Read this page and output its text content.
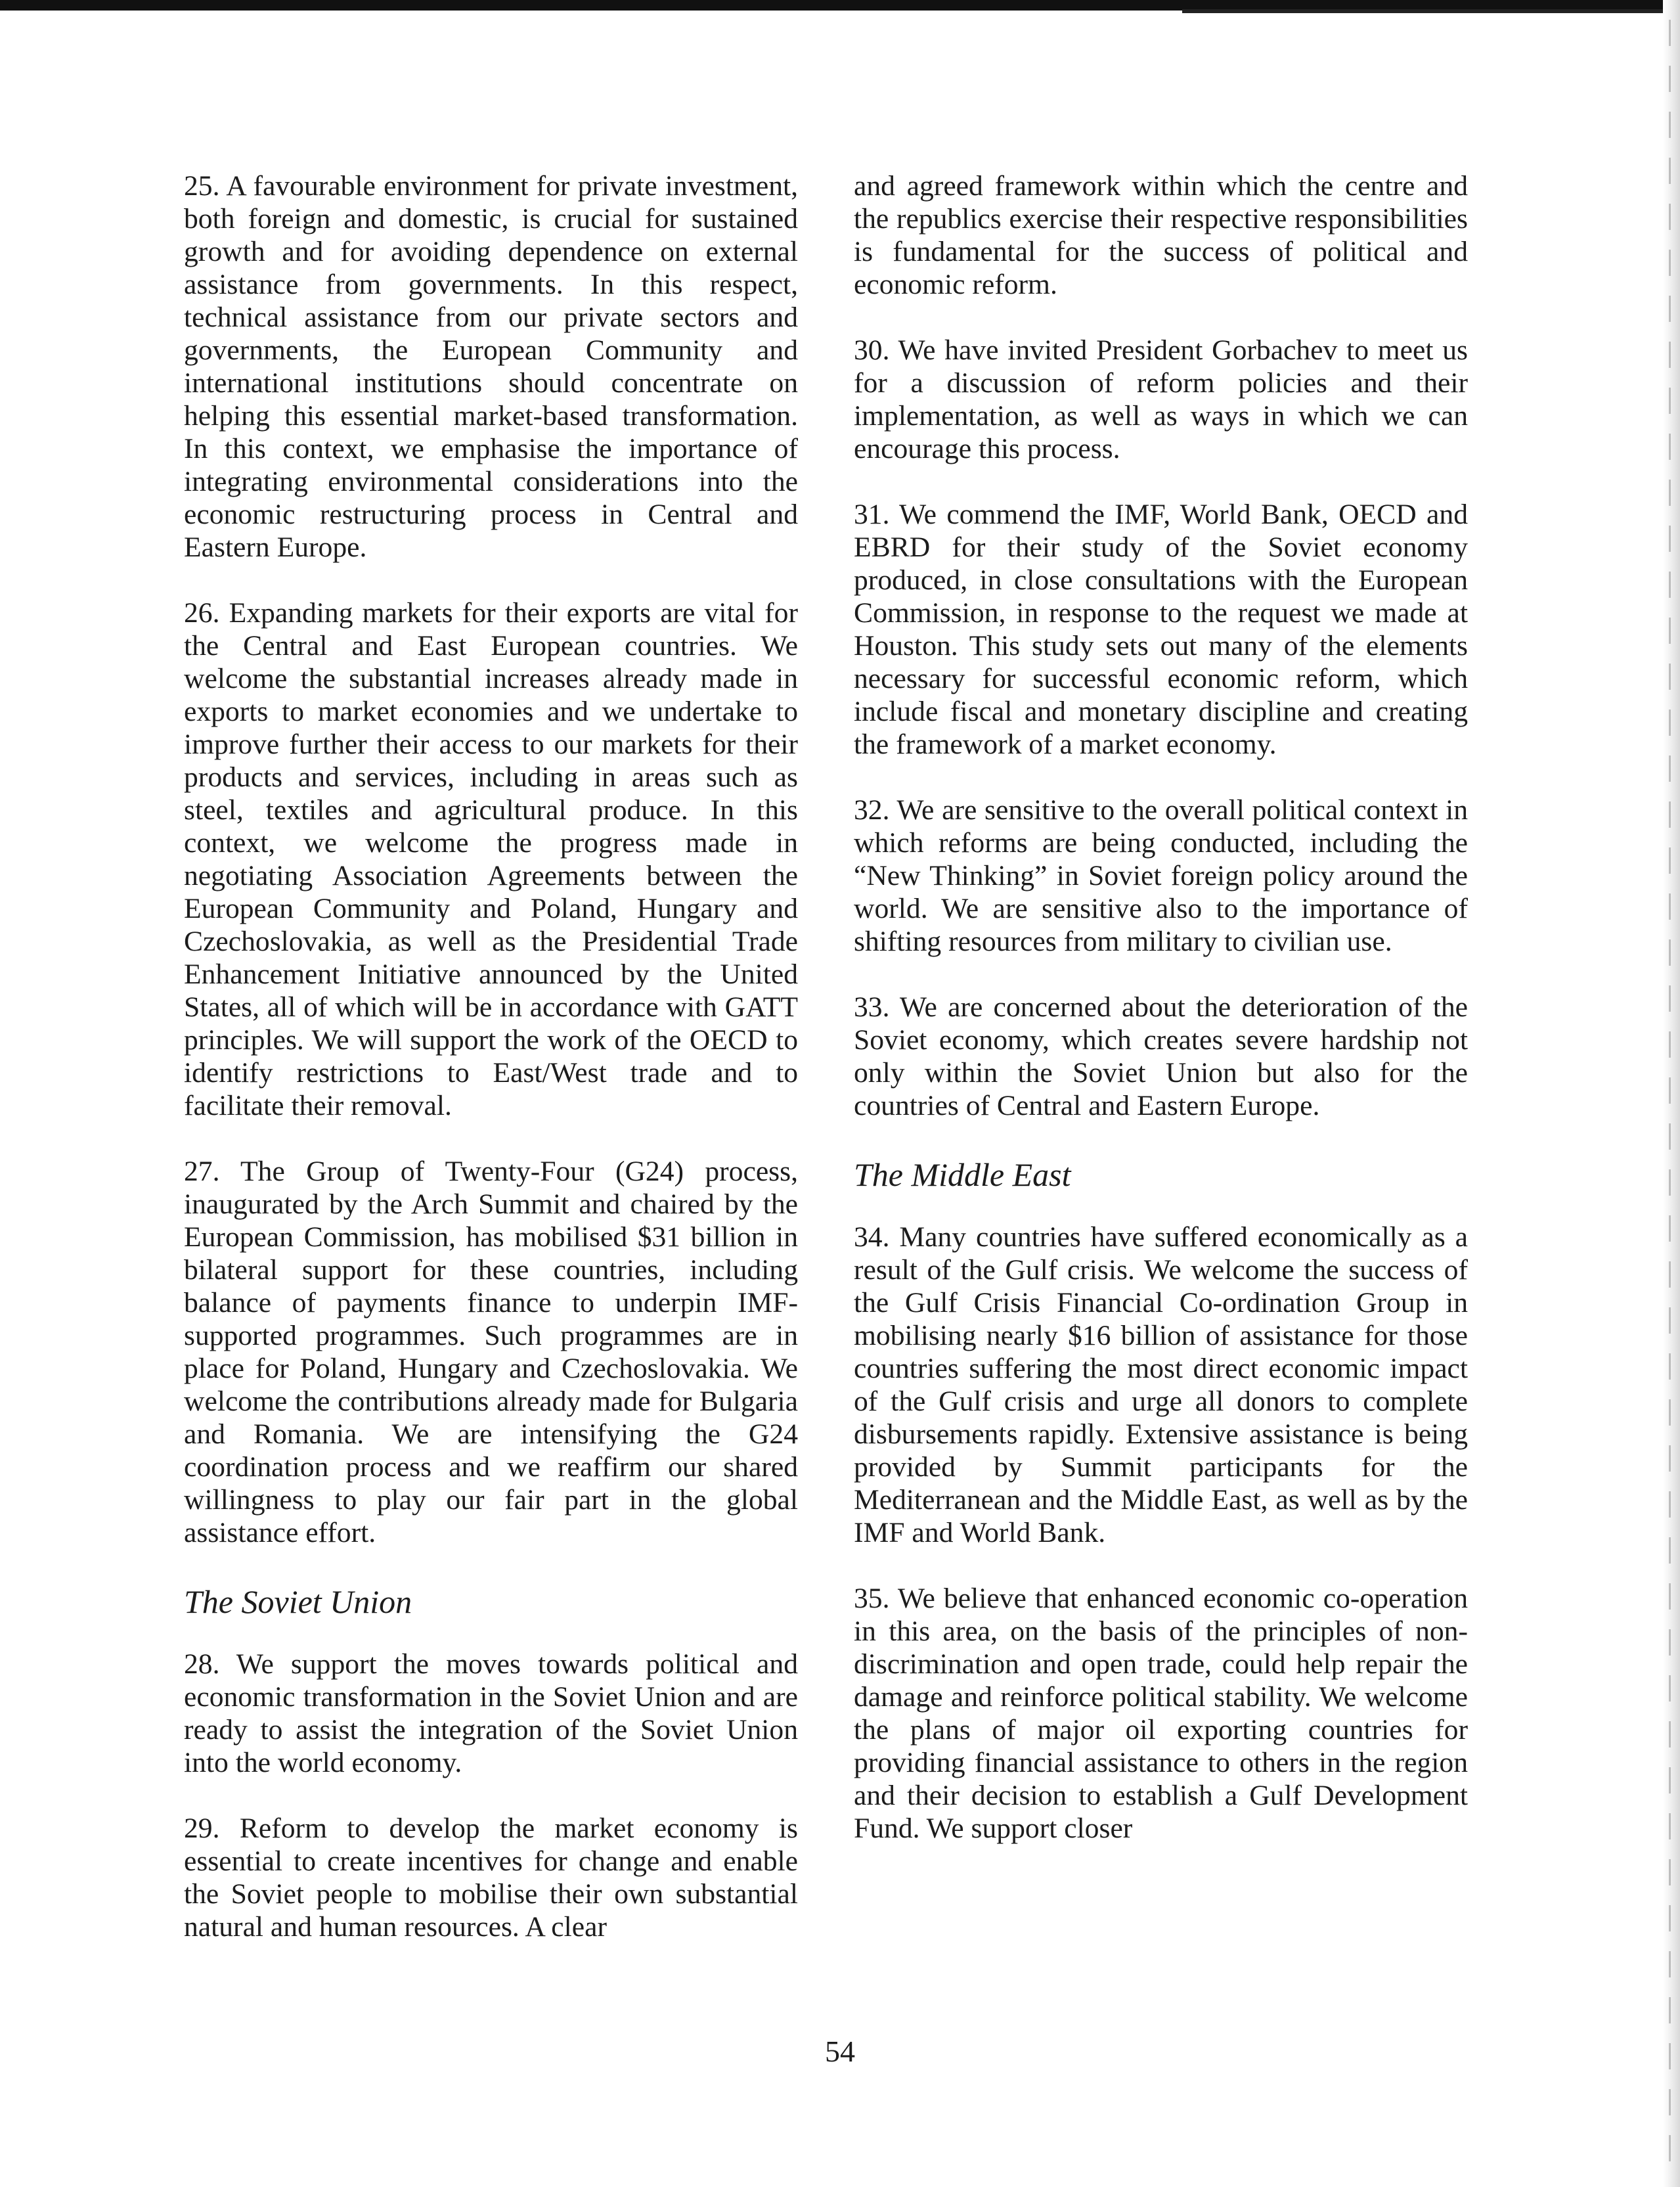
25. A favourable environment for private investment, both foreign and domestic, is crucial for sustained growth and for avoiding dependence on external assistance from governments. In this respect, technical assistance from our private sectors and governments, the European Community and international institutions should concentrate on helping this essential market-based transformation. In this context, we emphasise the importance of integrating environmental considerations into the economic restructuring process in Central and Eastern Europe.

26. Expanding markets for their exports are vital for the Central and East European countries. We welcome the substantial increases already made in exports to market economies and we undertake to improve further their access to our markets for their products and services, including in areas such as steel, textiles and agricultural produce. In this context, we welcome the progress made in negotiating Association Agreements between the European Community and Poland, Hungary and Czechoslovakia, as well as the Presidential Trade Enhancement Initiative announced by the United States, all of which will be in accordance with GATT principles. We will support the work of the OECD to identify restrictions to East/West trade and to facilitate their removal.

27. The Group of Twenty-Four (G24) process, inaugurated by the Arch Summit and chaired by the European Commission, has mobilised $31 billion in bilateral support for these countries, including balance of payments finance to underpin IMF-supported programmes. Such programmes are in place for Poland, Hungary and Czechoslovakia. We welcome the contributions already made for Bulgaria and Romania. We are intensifying the G24 coordination process and we reaffirm our shared willingness to play our fair part in the global assistance effort.

The Soviet Union

28. We support the moves towards political and economic transformation in the Soviet Union and are ready to assist the integration of the Soviet Union into the world economy.

29. Reform to develop the market economy is essential to create incentives for change and enable the Soviet people to mobilise their own substantial natural and human resources. A clear

and agreed framework within which the centre and the republics exercise their respective responsibilities is fundamental for the success of political and economic reform.

30. We have invited President Gorbachev to meet us for a discussion of reform policies and their implementation, as well as ways in which we can encourage this process.

31. We commend the IMF, World Bank, OECD and EBRD for their study of the Soviet economy produced, in close consultations with the European Commission, in response to the request we made at Houston. This study sets out many of the elements necessary for successful economic reform, which include fiscal and monetary discipline and creating the framework of a market economy.

32. We are sensitive to the overall political context in which reforms are being conducted, including the “New Thinking” in Soviet foreign policy around the world. We are sensitive also to the importance of shifting resources from military to civilian use.

33. We are concerned about the deterioration of the Soviet economy, which creates severe hardship not only within the Soviet Union but also for the countries of Central and Eastern Europe.

The Middle East

34. Many countries have suffered economically as a result of the Gulf crisis. We welcome the success of the Gulf Crisis Financial Co-ordination Group in mobilising nearly $16 billion of assistance for those countries suffering the most direct economic impact of the Gulf crisis and urge all donors to complete disbursements rapidly. Extensive assistance is being provided by Summit participants for the Mediterranean and the Middle East, as well as by the IMF and World Bank.

35. We believe that enhanced economic co-operation in this area, on the basis of the principles of non-discrimination and open trade, could help repair the damage and reinforce political stability. We welcome the plans of major oil exporting countries for providing financial assistance to others in the region and their decision to establish a Gulf Development Fund. We support closer

54
